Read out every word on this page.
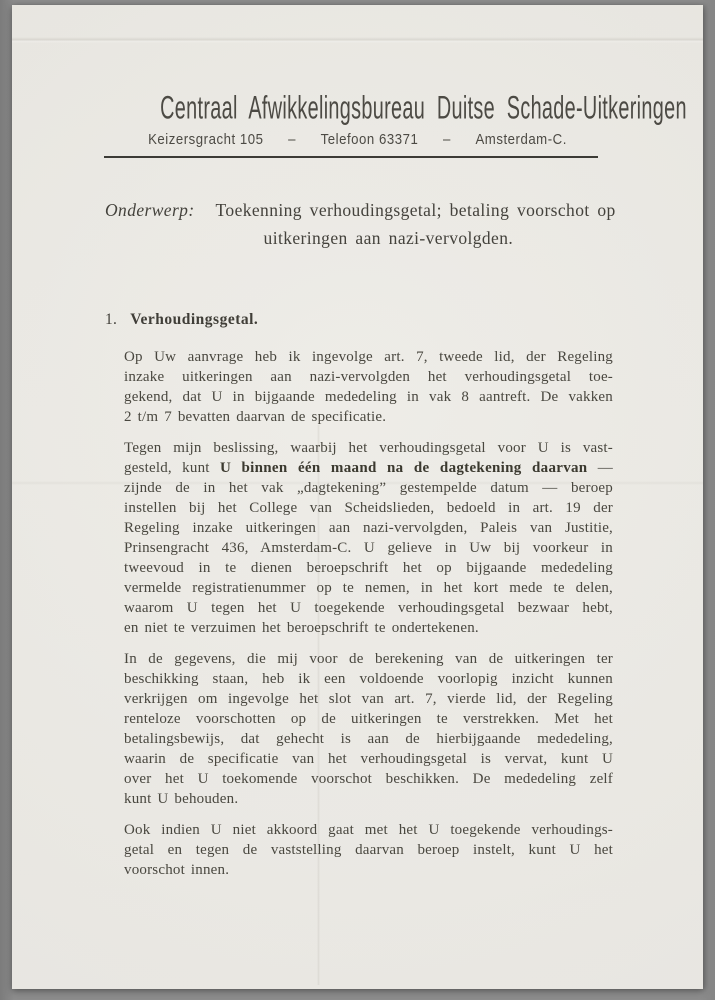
Centraal Afwikkelingsbureau Duitse Schade-Uitkeringen
Keizersgracht 105 – Telefoon 63371 – Amsterdam-C.
Onderwerp: Toekenning verhoudingsgetal; betaling voorschot op
uitkeringen aan nazi-vervolgden.
1. Verhoudingsgetal.
Op Uw aanvrage heb ik ingevolge art. 7, tweede lid, der Regeling
inzake uitkeringen aan nazi-vervolgden het verhoudingsgetal toe-
gekend, dat U in bijgaande mededeling in vak 8 aantreft. De vakken
2 t/m 7 bevatten daarvan de specificatie.
Tegen mijn beslissing, waarbij het verhoudingsgetal voor U is vast-
gesteld, kunt U binnen één maand na de dagtekening daarvan —
zijnde de in het vak „dagtekening” gestempelde datum — beroep
instellen bij het College van Scheidslieden, bedoeld in art. 19 der
Regeling inzake uitkeringen aan nazi-vervolgden, Paleis van Justitie,
Prinsengracht 436, Amsterdam-C. U gelieve in Uw bij voorkeur in
tweevoud in te dienen beroepschrift het op bijgaande mededeling
vermelde registratienummer op te nemen, in het kort mede te delen,
waarom U tegen het U toegekende verhoudingsgetal bezwaar hebt,
en niet te verzuimen het beroepschrift te ondertekenen.
In de gegevens, die mij voor de berekening van de uitkeringen ter
beschikking staan, heb ik een voldoende voorlopig inzicht kunnen
verkrijgen om ingevolge het slot van art. 7, vierde lid, der Regeling
renteloze voorschotten op de uitkeringen te verstrekken. Met het
betalingsbewijs, dat gehecht is aan de hierbijgaande mededeling,
waarin de specificatie van het verhoudingsgetal is vervat, kunt U
over het U toekomende voorschot beschikken. De mededeling zelf
kunt U behouden.
Ook indien U niet akkoord gaat met het U toegekende verhoudings-
getal en tegen de vaststelling daarvan beroep instelt, kunt U het
voorschot innen.
